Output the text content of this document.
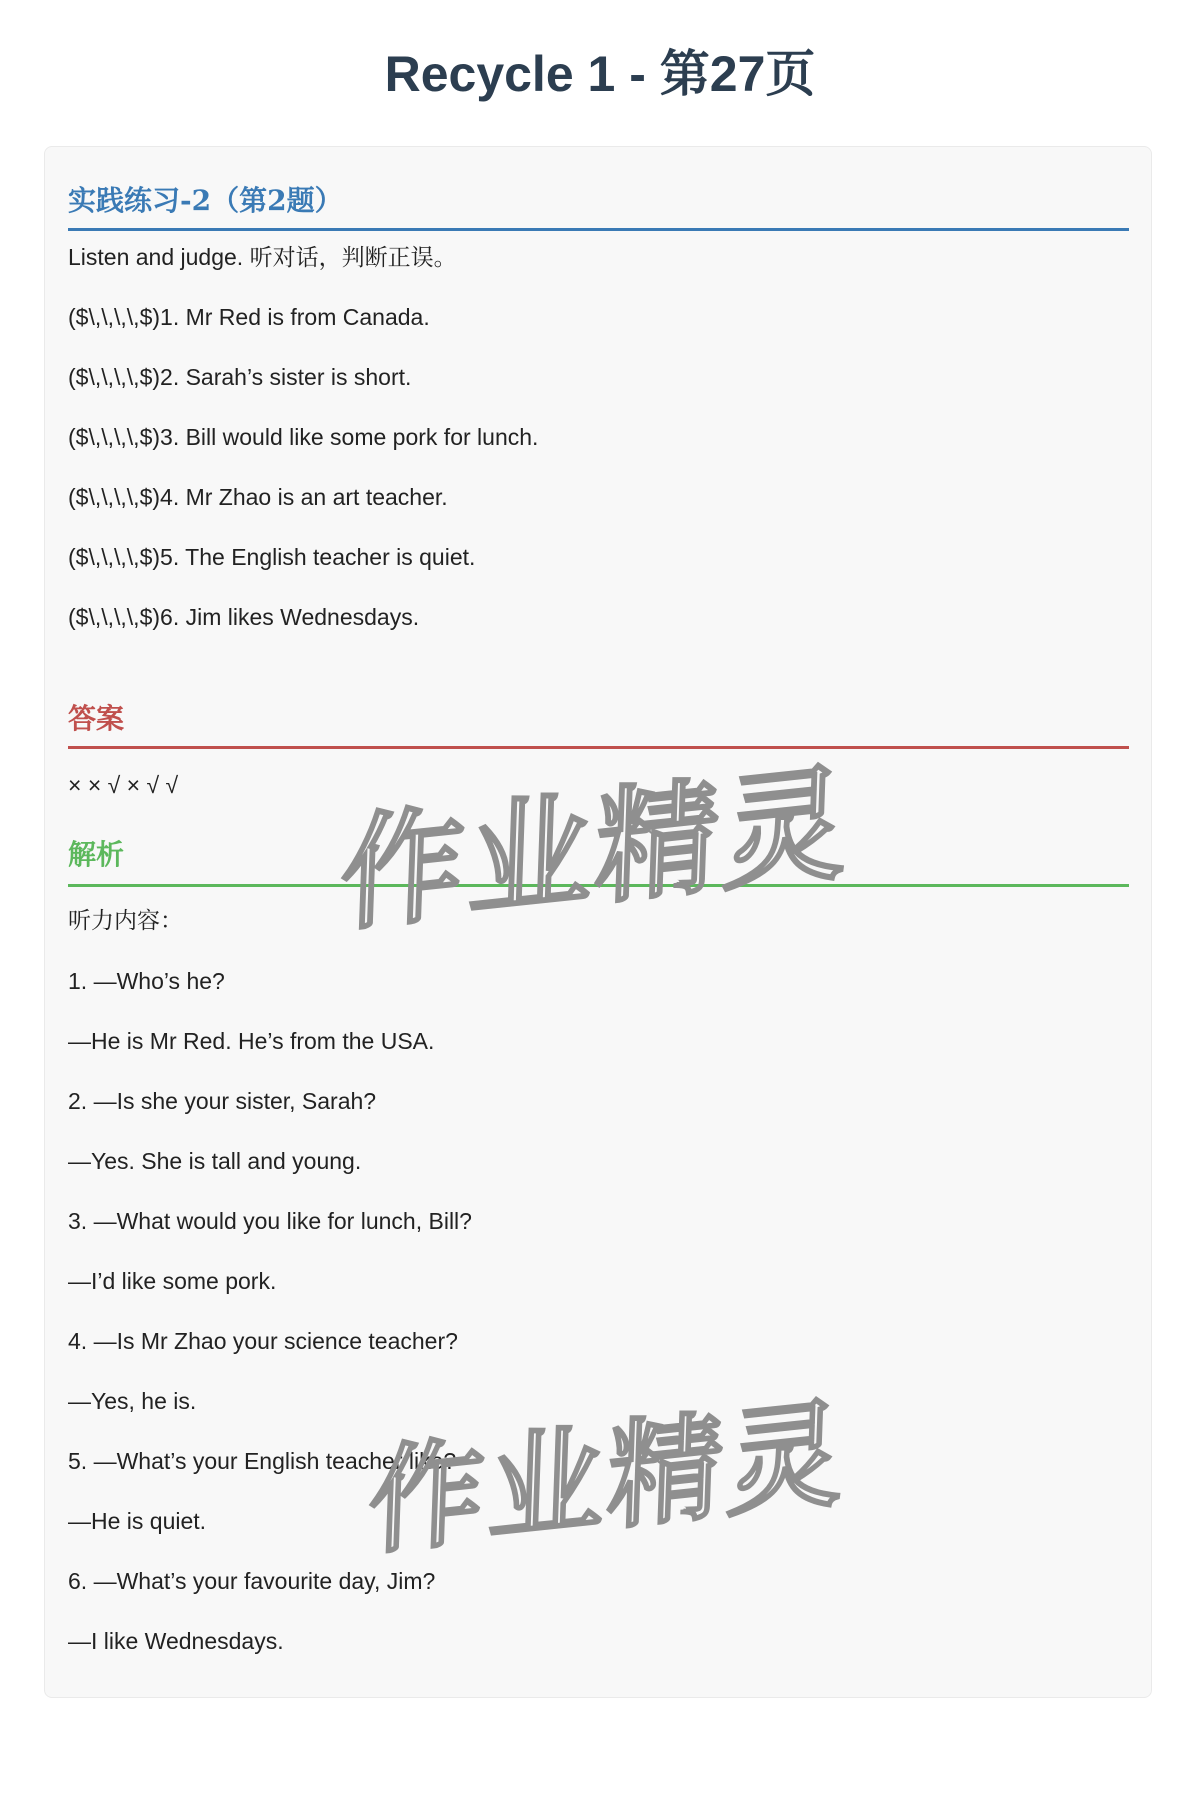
Recycle 1 - 第27页
实践练习-2（第2题）

Listen and judge. 听对话，判断正误。

($\,\,\,\,$)1. Mr Red is from Canada.

($\,\,\,\,$)2. Sarah’s sister is short.

($\,\,\,\,$)3. Bill would like some pork for lunch.

($\,\,\,\,$)4. Mr Zhao is an art teacher.

($\,\,\,\,$)5. The English teacher is quiet.

($\,\,\,\,$)6. Jim likes Wednesdays.

答案

× × √ × √ √

解析

听力内容：

1. —Who’s he?

—He is Mr Red. He’s from the USA.

2. —Is she your sister, Sarah?

—Yes. She is tall and young.

3. —What would you like for lunch, Bill?

—I’d like some pork.

4. —Is Mr Zhao your science teacher?

—Yes, he is.

5. —What’s your English teacher like?

—He is quiet.

6. —What’s your favourite day, Jim?

—I like Wednesdays.
